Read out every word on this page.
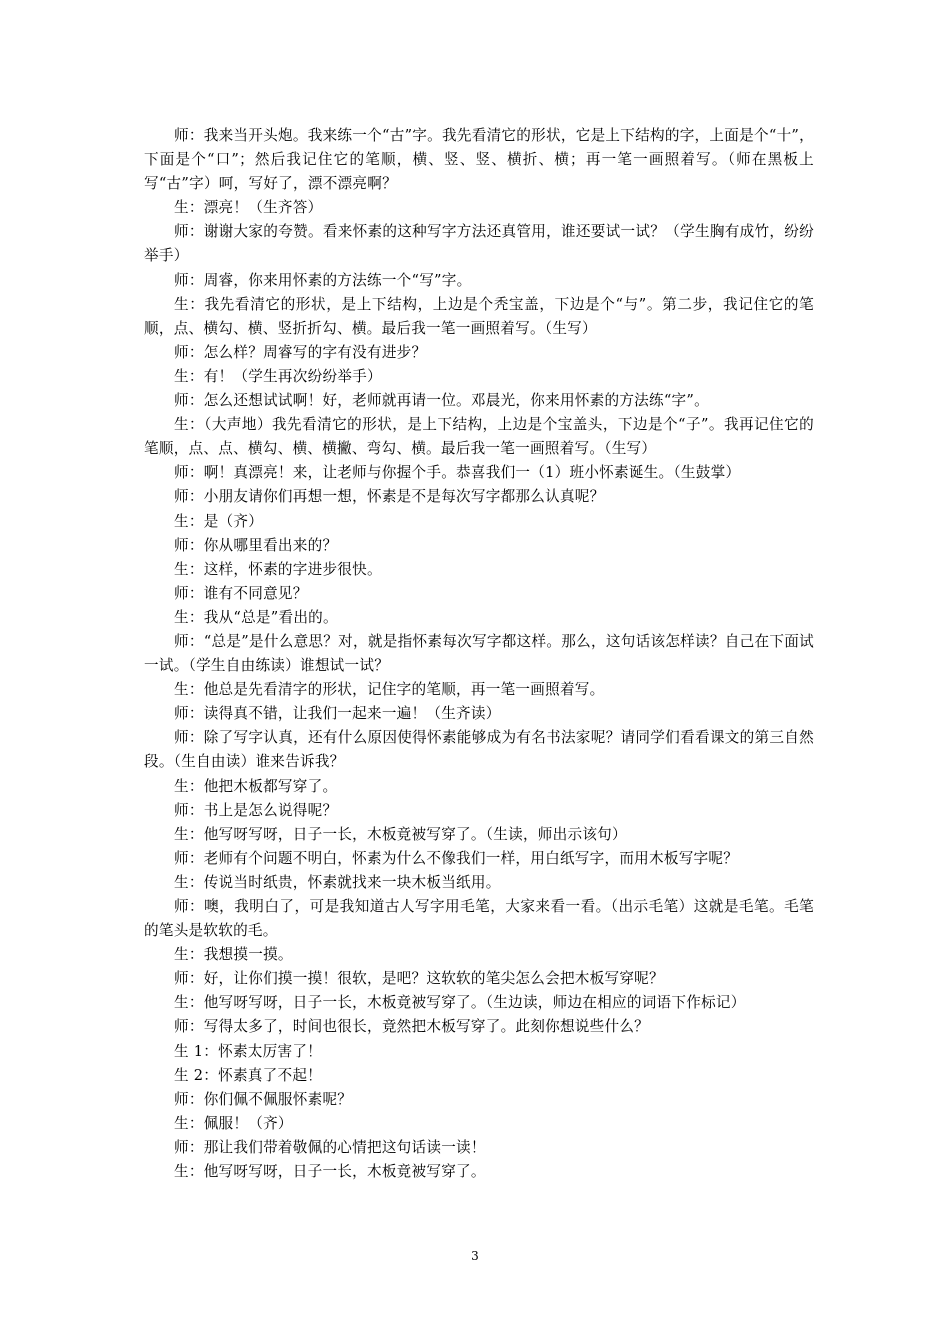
师：我来当开头炮。我来练一个“古”字。我先看清它的形状，它是上下结构的字，上面是个“十”，下面是个“口”；然后我记住它的笔顺，横、竖、竖、横折、横；再一笔一画照着写。（师在黑板上写“古”字）呵，写好了，漂不漂亮啊？

生：漂亮！（生齐答）

师：谢谢大家的夸赞。看来怀素的这种写字方法还真管用，谁还要试一试？（学生胸有成竹，纷纷举手）

师：周睿，你来用怀素的方法练一个“写”字。

生：我先看清它的形状，是上下结构，上边是个秃宝盖，下边是个“与”。第二步，我记住它的笔顺，点、横勾、横、竖折折勾、横。最后我一笔一画照着写。（生写）

师：怎么样？周睿写的字有没有进步？

生：有！（学生再次纷纷举手）

师：怎么还想试试啊！好，老师就再请一位。邓晨光，你来用怀素的方法练“字”。

生：（大声地）我先看清它的形状，是上下结构，上边是个宝盖头，下边是个“子”。我再记住它的笔顺，点、点、横勾、横、横撇、弯勾、横。最后我一笔一画照着写。（生写）

师：啊！真漂亮！来，让老师与你握个手。恭喜我们一（1）班小怀素诞生。（生鼓掌）

师：小朋友请你们再想一想，怀素是不是每次写字都那么认真呢？

生：是（齐）

师：你从哪里看出来的？

生：这样，怀素的字进步很快。

师：谁有不同意见？

生：我从“总是”看出的。

师：“总是”是什么意思？对，就是指怀素每次写字都这样。那么，这句话该怎样读？自己在下面试一试。（学生自由练读）谁想试一试？

生：他总是先看清字的形状，记住字的笔顺，再一笔一画照着写。

师：读得真不错，让我们一起来一遍！（生齐读）

师：除了写字认真，还有什么原因使得怀素能够成为有名书法家呢？请同学们看看课文的第三自然段。（生自由读）谁来告诉我？

生：他把木板都写穿了。

师：书上是怎么说得呢？

生：他写呀写呀，日子一长，木板竟被写穿了。（生读，师出示该句）

师：老师有个问题不明白，怀素为什么不像我们一样，用白纸写字，而用木板写字呢？

生：传说当时纸贵，怀素就找来一块木板当纸用。

师：噢，我明白了，可是我知道古人写字用毛笔，大家来看一看。（出示毛笔）这就是毛笔。毛笔的笔头是软软的毛。

生：我想摸一摸。

师：好，让你们摸一摸！很软，是吧？这软软的笔尖怎么会把木板写穿呢？

生：他写呀写呀，日子一长，木板竟被写穿了。（生边读，师边在相应的词语下作标记）

师：写得太多了，时间也很长，竟然把木板写穿了。此刻你想说些什么？

生 1：怀素太厉害了！

生 2：怀素真了不起！

师：你们佩不佩服怀素呢？

生：佩服！（齐）

师：那让我们带着敬佩的心情把这句话读一读！

生：他写呀写呀，日子一长，木板竟被写穿了。

3
